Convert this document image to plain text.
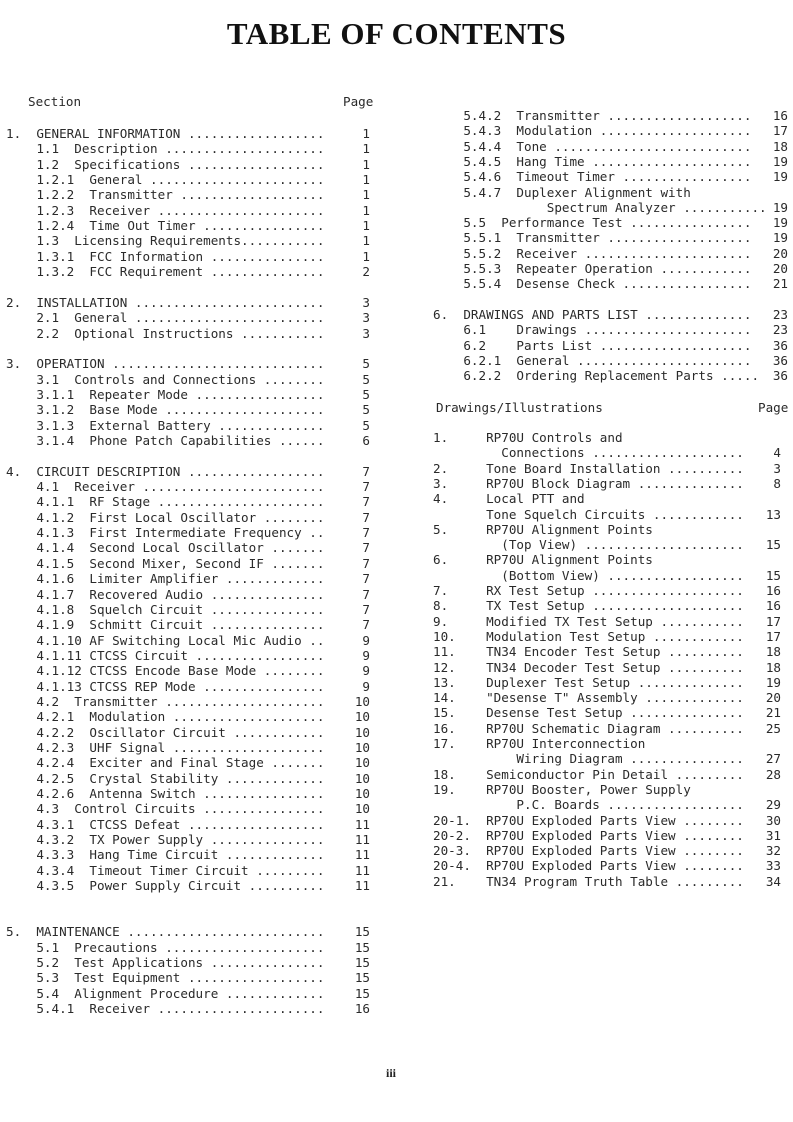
TABLE OF CONTENTS
Section	Page
1.  GENERAL INFORMATION ..................	1
1.1  Description .....................	1
1.2  Specifications ..................	1
1.2.1  General .......................	1
1.2.2  Transmitter ...................	1
1.2.3  Receiver ......................	1
1.2.4  Time Out Timer ................	1
1.3  Licensing Requirements...........	1
1.3.1  FCC Information ...............	1
1.3.2  FCC Requirement ...............	2
2.  INSTALLATION .........................	3
2.1  General .........................	3
2.2  Optional Instructions ...........	3
3.  OPERATION ............................	5
3.1  Controls and Connections ........	5
3.1.1  Repeater Mode .................	5
3.1.2  Base Mode .....................	5
3.1.3  External Battery ..............	5
3.1.4  Phone Patch Capabilities ......	6
4.  CIRCUIT DESCRIPTION ..................	7
4.1  Receiver ........................	7
4.1.1  RF Stage ......................	7
4.1.2  First Local Oscillator ........	7
4.1.3  First Intermediate Frequency ..	7
4.1.4  Second Local Oscillator .......	7
4.1.5  Second Mixer, Second IF .......	7
4.1.6  Limiter Amplifier .............	7
4.1.7  Recovered Audio ...............	7
4.1.8  Squelch Circuit ...............	7
4.1.9  Schmitt Circuit ...............	7
4.1.10 AF Switching Local Mic Audio ..	9
4.1.11 CTCSS Circuit .................	9
4.1.12 CTCSS Encode Base Mode ........	9
4.1.13 CTCSS REP Mode ................	9
4.2  Transmitter ..................... 10
4.2.1  Modulation .................... 10
4.2.2  Oscillator Circuit ............ 10
4.2.3  UHF Signal .................... 10
4.2.4  Exciter and Final Stage ....... 10
4.2.5  Crystal Stability ............. 10
4.2.6  Antenna Switch ................ 10
4.3  Control Circuits ................ 10
4.3.1  CTCSS Defeat .................. 11
4.3.2  TX Power Supply ............... 11
4.3.3  Hang Time Circuit ............. 11
4.3.4  Timeout Timer Circuit ......... 11
4.3.5  Power Supply Circuit .......... 11
5.  MAINTENANCE .......................... 15
5.1  Precautions ..................... 15
5.2  Test Applications ............... 15
5.3  Test Equipment .................. 15
5.4  Alignment Procedure ............. 15
5.4.1  Receiver ...................... 16
5.4.2  Transmitter ................... 16
5.4.3  Modulation .................... 17
5.4.4  Tone .......................... 18
5.4.5  Hang Time ..................... 19
5.4.6  Timeout Timer ................. 19
5.4.7  Duplexer Alignment with
Spectrum Analyzer ........... 19
5.5  Performance Test ................ 19
5.5.1  Transmitter ................... 19
5.5.2  Receiver ...................... 20
5.5.3  Repeater Operation ............ 20
5.5.4  Desense Check ................. 21
6.  DRAWINGS AND PARTS LIST .............. 23
6.1    Drawings ...................... 23
6.2    Parts List .................... 36
6.2.1  General ....................... 36
6.2.2  Ordering Replacement Parts ..... 36
Drawings/Illustrations	Page
1.     RP70U Controls and
Connections .................... 4
2.     Tone Board Installation .......... 3
3.     RP70U Block Diagram .............. 8
4.     Local PTT and
Tone Squelch Circuits ............ 13
5.     RP70U Alignment Points
(Top View) ..................... 15
6.     RP70U Alignment Points
(Bottom View) .................. 15
7.     RX Test Setup .................... 16
8.     TX Test Setup .................... 16
9.     Modified TX Test Setup ........... 17
10.    Modulation Test Setup ............ 17
11.    TN34 Encoder Test Setup .......... 18
12.    TN34 Decoder Test Setup .......... 18
13.    Duplexer Test Setup .............. 19
14.    "Desense T" Assembly ............. 20
15.    Desense Test Setup ............... 21
16.    RP70U Schematic Diagram .......... 25
17.    RP70U Interconnection
Wiring Diagram ............... 27
18.    Semiconductor Pin Detail ......... 28
19.    RP70U Booster, Power Supply
P.C. Boards .................. 29
20-1.  RP70U Exploded Parts View ........ 30
20-2.  RP70U Exploded Parts View ........ 31
20-3.  RP70U Exploded Parts View ........ 32
20-4.  RP70U Exploded Parts View ........ 33
21.    TN34 Program Truth Table ......... 34
iii
